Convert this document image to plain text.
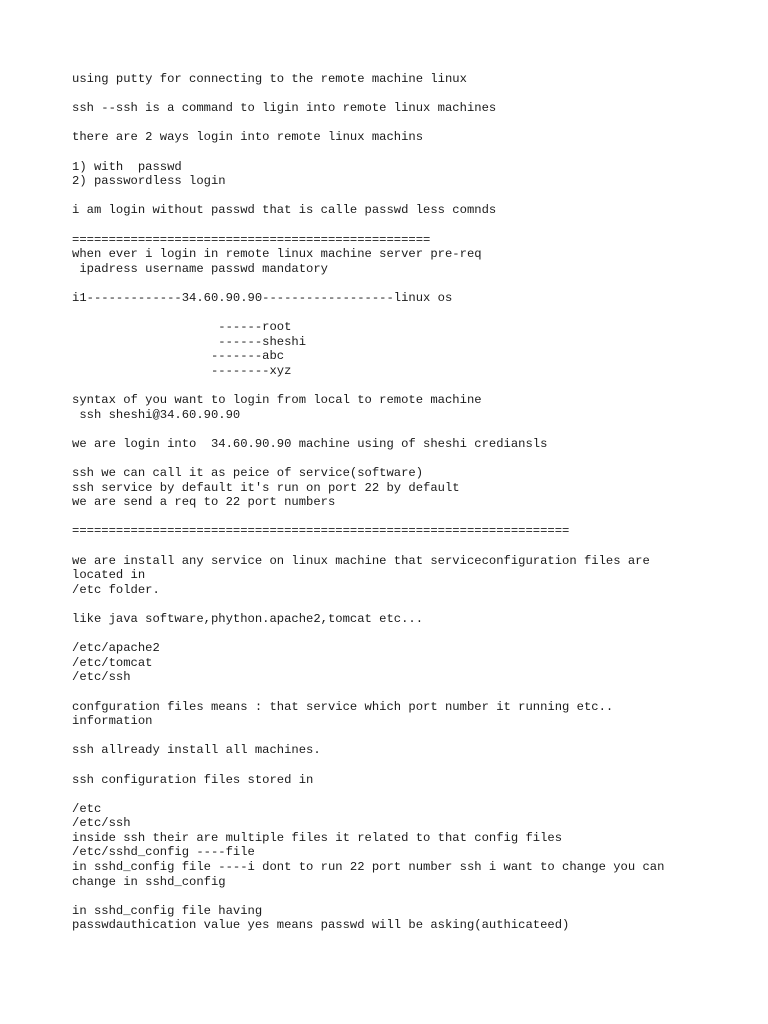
using putty for connecting to the remote machine linux
ssh --ssh is a command to ligin into remote linux machines
there are 2 ways login into remote linux machins
1) with  passwd
2) passwordless login
i am login without passwd that is calle passwd less comnds
=================================================
when ever i login in remote linux machine server pre-req
ipadress username passwd mandatory
i1-------------34.60.90.90------------------linux os
------root
------sheshi
-------abc
--------xyz
syntax of you want to login from local to remote machine
ssh sheshi@34.60.90.90
we are login into  34.60.90.90 machine using of sheshi crediansls
ssh we can call it as peice of service(software)
ssh service by default it's run on port 22 by default
we are send a req to 22 port numbers
====================================================================
we are install any service on linux machine that serviceconfiguration files are
located in
/etc folder.
like java software,phython.apache2,tomcat etc...
/etc/apache2
/etc/tomcat
/etc/ssh
confguration files means : that service which port number it running etc..
information
ssh allready install all machines.
ssh configuration files stored in
/etc
/etc/ssh
inside ssh their are multiple files it related to that config files
/etc/sshd_config ----file
in sshd_config file ----i dont to run 22 port number ssh i want to change you can
change in sshd_config
in sshd_config file having
passwdauthication value yes means passwd will be asking(authicateed)
